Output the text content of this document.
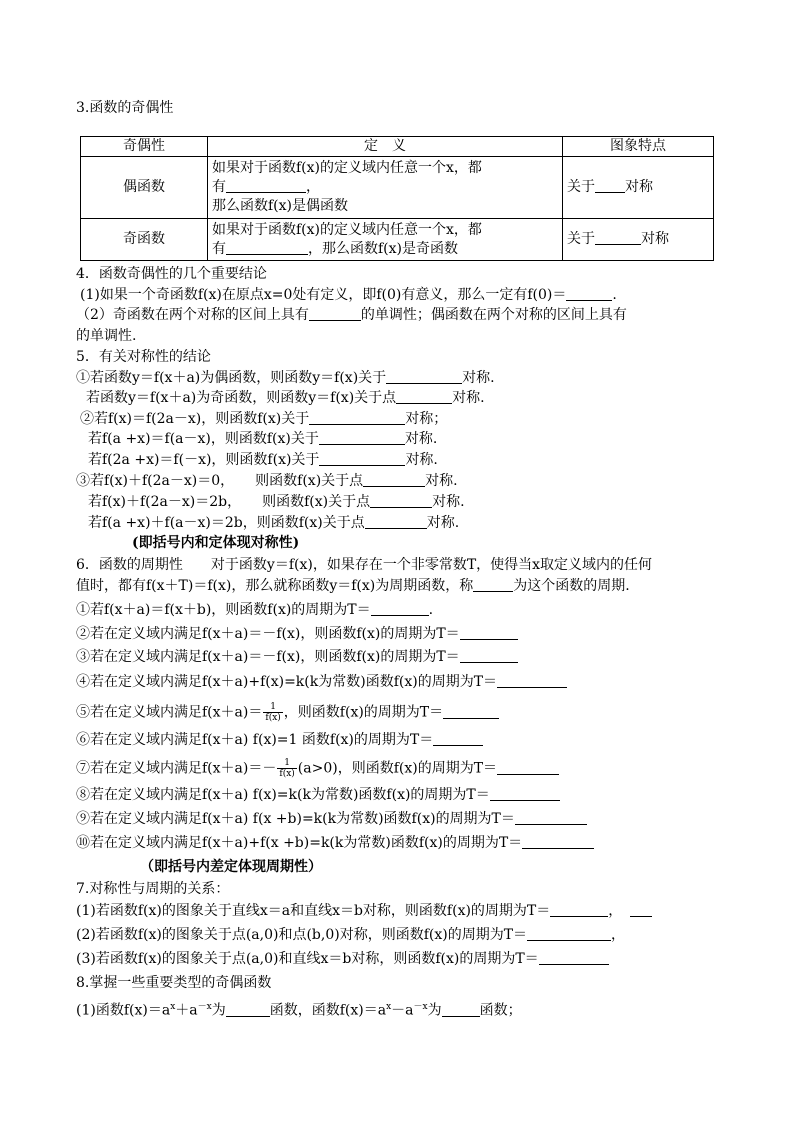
3.函数的奇偶性
奇偶性	定　义	图象特点
偶函数	如果对于函数f(x)的定义域内任意一个x，都
有 ，
那么函数f(x)是偶函数	关于 对称
奇函数	如果对于函数f(x)的定义域内任意一个x，都
有 ，那么函数f(x)是奇函数	关于 对称
4．函数奇偶性的几个重要结论
(1)如果一个奇函数f(x)在原点x=0处有定义，即f(0)有意义，那么一定有f(0)＝	.
（2）奇函数在两个对称的区间上具有	的单调性；偶函数在两个对称的区间上具有
的单调性.
5．有关对称性的结论
①若函数y＝f(x＋a)为偶函数，则函数y＝f(x)关于	对称.
若函数y＝f(x＋a)为奇函数，则函数y＝f(x)关于点	对称.
②若f(x)＝f(2a－x)，则函数f(x)关于	对称；
若f(a +x)＝f(a－x)，则函数f(x)关于	对称.
若f(2a +x)＝f(－x)，则函数f(x)关于	对称.
③若f(x)＋f(2a－x)＝0，　　则函数f(x)关于点	对称.
若f(x)＋f(2a－x)＝2b，　　则函数f(x)关于点	对称.
若f(a +x)＋f(a－x)＝2b，则函数f(x)关于点	对称.
(即括号内和定体现对称性)
6．函数的周期性　　对于函数y＝f(x)，如果存在一个非零常数T，使得当x取定义域内的任何
值时，都有f(x＋T)＝f(x)，那么就称函数y＝f(x)为周期函数，称	为这个函数的周期.
①若f(x＋a)＝f(x＋b)，则函数f(x)的周期为T＝	.
②若在定义域内满足f(x＋a)＝－f(x)，则函数f(x)的周期为T＝
③若在定义域内满足f(x＋a)＝－f(x)，则函数f(x)的周期为T＝
④若在定义域内满足f(x＋a)+f(x)=k(k为常数)函数f(x)的周期为T＝
⑤若在定义域内满足$f(x+a)= \frac{1}{f(x)}$ ，则函数f(x)的周期为T＝
⑥若在定义域内满足f(x＋a) f(x)=1 函数f(x)的周期为T＝
⑦若在定义域内满足$f(x+a)=- \frac{1}{f(x)} (a>0)$，则函数f(x)的周期为T＝
⑧若在定义域内满足f(x＋a) f(x)=k(k为常数)函数f(x)的周期为T＝
⑨若在定义域内满足f(x＋a) f(x +b)=k(k为常数)函数f(x)的周期为T＝
⑩若在定义域内满足f(x＋a)+f(x +b)=k(k为常数)函数f(x)的周期为T＝
（即括号内差定体现周期性）
7.对称性与周期的关系：
(1)若函数f(x)的图象关于直线x＝a和直线x＝b对称，则函数f(x)的周期为T＝	，
(2)若函数f(x)的图象关于点(a,0)和点(b,0)对称，则函数f(x)的周期为T＝	，
(3)若函数f(x)的图象关于点(a,0)和直线x＝b对称，则函数f(x)的周期为T＝
8.掌握一些重要类型的奇偶函数
(1)函数$f(x)=a^x+a^{-x}$为	函数，函数$f(x)=a^x-a^{-x}$为	函数；
